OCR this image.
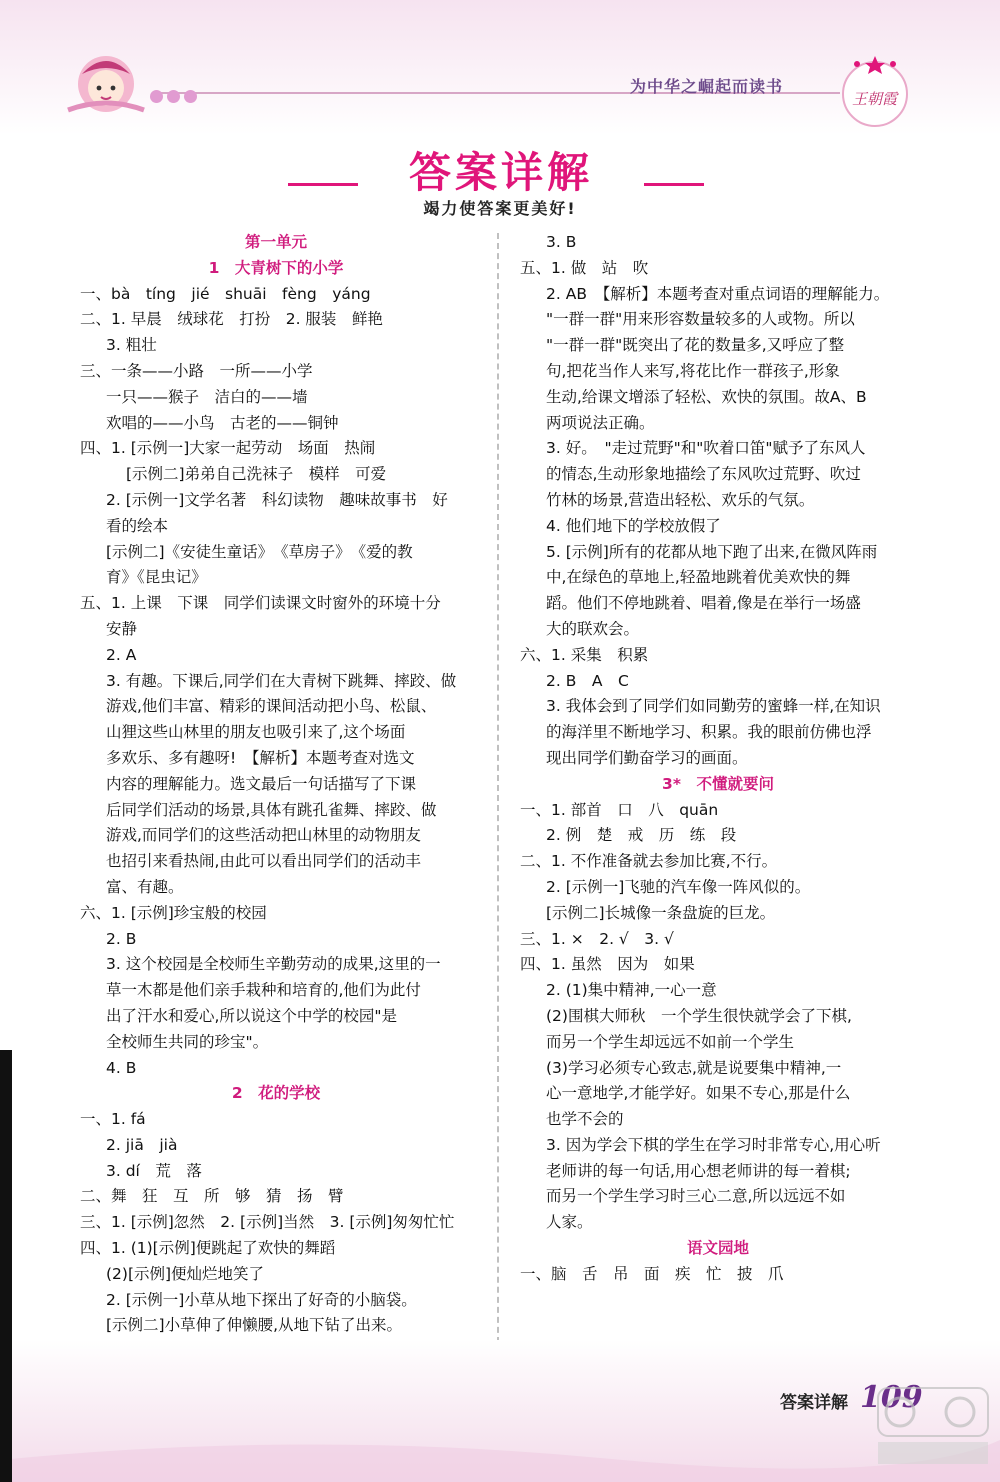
为中华之崛起而读书
王朝霞
答案详解
竭力使答案更美好!
第一单元
1　大青树下的小学
一、bà　tíng　jié　shuāi　fèng　yáng
二、1. 早晨　绒球花　打扮　2. 服装　鲜艳
3. 粗壮
三、一条——小路　一所——小学
一只——猴子　洁白的——墙
欢唱的——小鸟　古老的——铜钟
四、1. [示例一]大家一起劳动　场面　热闹
[示例二]弟弟自己洗袜子　模样　可爱
2. [示例一]文学名著　科幻读物　趣味故事书　好
看的绘本
[示例二]《安徒生童话》　《草房子》　《爱的教
育》《昆虫记》
五、1. 上课　下课　同学们读课文时窗外的环境十分
安静
2. A
3. 有趣。下课后,同学们在大青树下跳舞、摔跤、做
游戏,他们丰富、精彩的课间活动把小鸟、松鼠、
山狸这些山林里的朋友也吸引来了,这个场面
多欢乐、多有趣呀!　【解析】本题考查对选文
内容的理解能力。选文最后一句话描写了下课
后同学们活动的场景,具体有跳孔雀舞、摔跤、做
游戏,而同学们的这些活动把山林里的动物朋友
也招引来看热闹,由此可以看出同学们的活动丰
富、有趣。
六、1. [示例]珍宝般的校园
2. B
3. 这个校园是全校师生辛勤劳动的成果,这里的一
草一木都是他们亲手栽种和培育的,他们为此付
出了汗水和爱心,所以说这个中学的校园"是
全校师生共同的珍宝"。
4. B
2　花的学校
一、1. fá
2. jiā　jià
3. dí　荒　落
二、舞　狂　互　所　够　猜　扬　臂
三、1. [示例]忽然　2. [示例]当然　3. [示例]匆匆忙忙
四、1. (1)[示例]便跳起了欢快的舞蹈
(2)[示例]便灿烂地笑了
2. [示例一]小草从地下探出了好奇的小脑袋。
[示例二]小草伸了伸懒腰,从地下钻了出来。
3. B
五、1. 做　站　吹
2. AB　【解析】本题考查对重点词语的理解能力。
"一群一群"用来形容数量较多的人或物。所以
"一群一群"既突出了花的数量多,又呼应了整
句,把花当作人来写,将花比作一群孩子,形象
生动,给课文增添了轻松、欢快的氛围。故A、B
两项说法正确。
3. 好。　"走过荒野"和"吹着口笛"赋予了东风人
的情态,生动形象地描绘了东风吹过荒野、吹过
竹林的场景,营造出轻松、欢乐的气氛。
4. 他们地下的学校放假了
5. [示例]所有的花都从地下跑了出来,在微风阵雨
中,在绿色的草地上,轻盈地跳着优美欢快的舞
蹈。他们不停地跳着、唱着,像是在举行一场盛
大的联欢会。
六、1. 采集　积累
2. B　A　C
3. 我体会到了同学们如同勤劳的蜜蜂一样,在知识
的海洋里不断地学习、积累。我的眼前仿佛也浮
现出同学们勤奋学习的画面。
3*　不懂就要问
一、1. 部首　口　八　quān
2. 例　楚　戒　历　练　段
二、1. 不作准备就去参加比赛,不行。
2. [示例一]飞驰的汽车像一阵风似的。
[示例二]长城像一条盘旋的巨龙。
三、1. ×　2. √　3. √
四、1. 虽然　因为　如果
2. (1)集中精神,一心一意
(2)围棋大师秋　一个学生很快就学会了下棋,
而另一个学生却远远不如前一个学生
(3)学习必须专心致志,就是说要集中精神,一
心一意地学,才能学好。如果不专心,那是什么
也学不会的
3. 因为学会下棋的学生在学习时非常专心,用心听
老师讲的每一句话,用心想老师讲的每一着棋;
而另一个学生学习时三心二意,所以远远不如
人家。
语文园地
一、脑　舌　吊　面　疾　忙　披　爪
答案详解 109
